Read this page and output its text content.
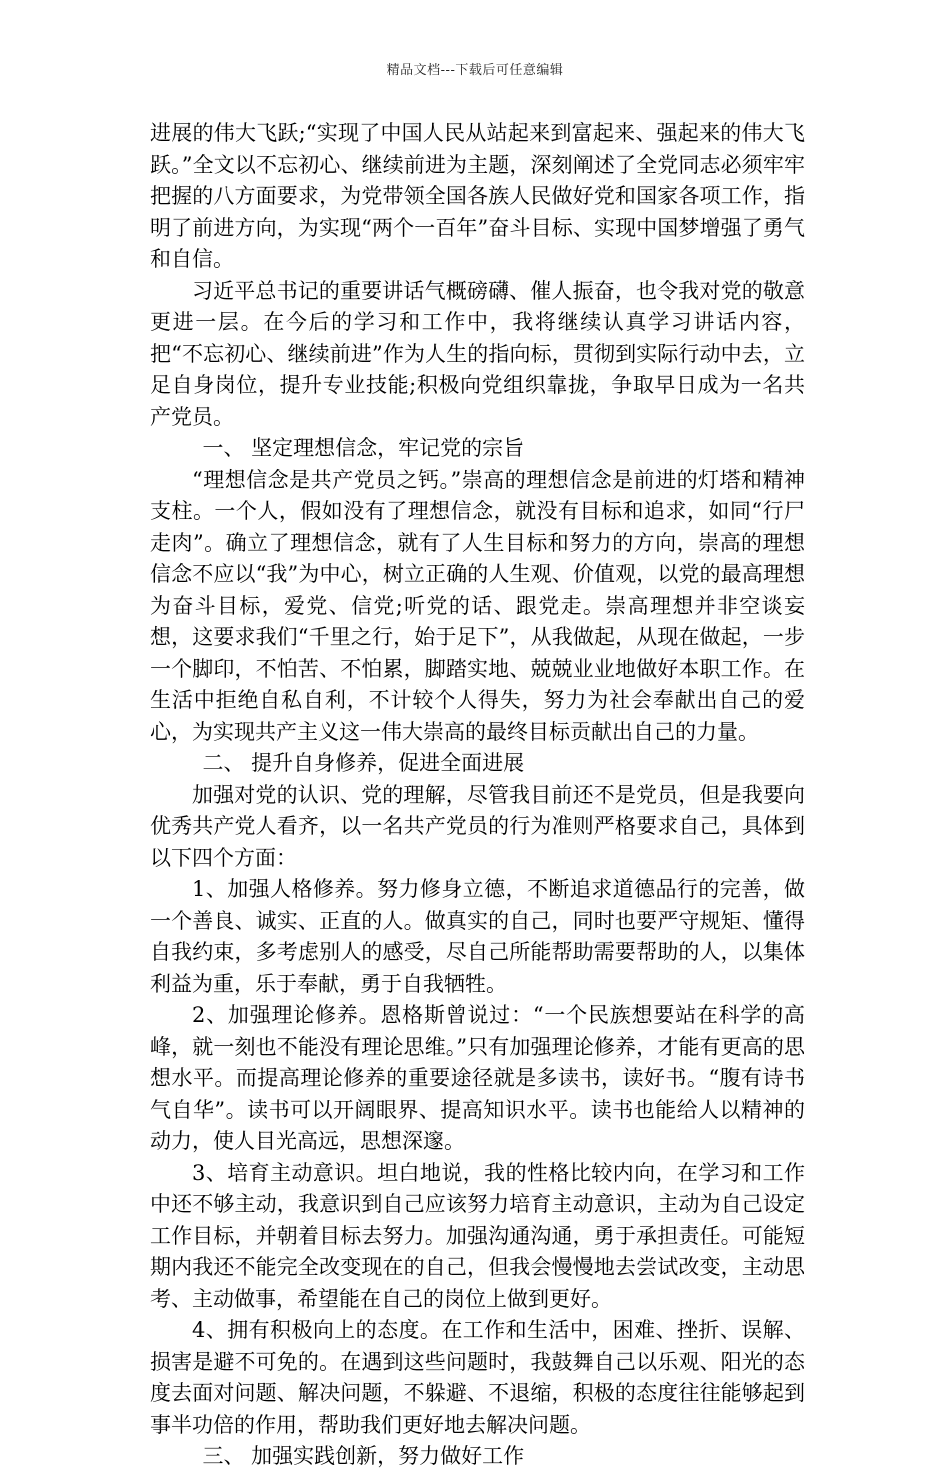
精品文档---下载后可任意编辑

进展的伟大飞跃;“实现了中国人民从站起来到富起来、强起来的伟大飞跃。”全文以不忘初心、继续前进为主题，深刻阐述了全党同志必须牢牢把握的八方面要求，为党带领全国各族人民做好党和国家各项工作，指明了前进方向，为实现“两个一百年”奋斗目标、实现中国梦增强了勇气和自信。

习近平总书记的重要讲话气概磅礴、催人振奋，也令我对党的敬意更进一层。在今后的学习和工作中，我将继续认真学习讲话内容，把“不忘初心、继续前进”作为人生的指向标，贯彻到实际行动中去，立足自身岗位，提升专业技能;积极向党组织靠拢，争取早日成为一名共产党员。

一、 坚定理想信念，牢记党的宗旨

“理想信念是共产党员之钙。”崇高的理想信念是前进的灯塔和精神支柱。一个人，假如没有了理想信念，就没有目标和追求，如同“行尸走肉”。确立了理想信念，就有了人生目标和努力的方向，崇高的理想信念不应以“我”为中心，树立正确的人生观、价值观，以党的最高理想为奋斗目标，爱党、信党;听党的话、跟党走。崇高理想并非空谈妄想，这要求我们“千里之行，始于足下”，从我做起，从现在做起，一步一个脚印，不怕苦、不怕累，脚踏实地、兢兢业业地做好本职工作。在生活中拒绝自私自利，不计较个人得失，努力为社会奉献出自己的爱心，为实现共产主义这一伟大崇高的最终目标贡献出自己的力量。

二、 提升自身修养，促进全面进展

加强对党的认识、党的理解，尽管我目前还不是党员，但是我要向优秀共产党人看齐，以一名共产党员的行为准则严格要求自己，具体到以下四个方面：

1、加强人格修养。努力修身立德，不断追求道德品行的完善，做一个善良、诚实、正直的人。做真实的自己，同时也要严守规矩、懂得自我约束，多考虑别人的感受，尽自己所能帮助需要帮助的人，以集体利益为重，乐于奉献，勇于自我牺牲。

2、加强理论修养。恩格斯曾说过：“一个民族想要站在科学的高峰，就一刻也不能没有理论思维。”只有加强理论修养，才能有更高的思想水平。而提高理论修养的重要途径就是多读书，读好书。“腹有诗书气自华”。读书可以开阔眼界、提高知识水平。读书也能给人以精神的动力，使人目光高远，思想深邃。

3、培育主动意识。坦白地说，我的性格比较内向，在学习和工作中还不够主动，我意识到自己应该努力培育主动意识，主动为自己设定工作目标，并朝着目标去努力。加强沟通沟通，勇于承担责任。可能短期内我还不能完全改变现在的自己，但我会慢慢地去尝试改变，主动思考、主动做事，希望能在自己的岗位上做到更好。

4、拥有积极向上的态度。在工作和生活中，困难、挫折、误解、损害是避不可免的。在遇到这些问题时，我鼓舞自己以乐观、阳光的态度去面对问题、解决问题，不躲避、不退缩，积极的态度往往能够起到事半功倍的作用，帮助我们更好地去解决问题。

三、 加强实践创新，努力做好工作
